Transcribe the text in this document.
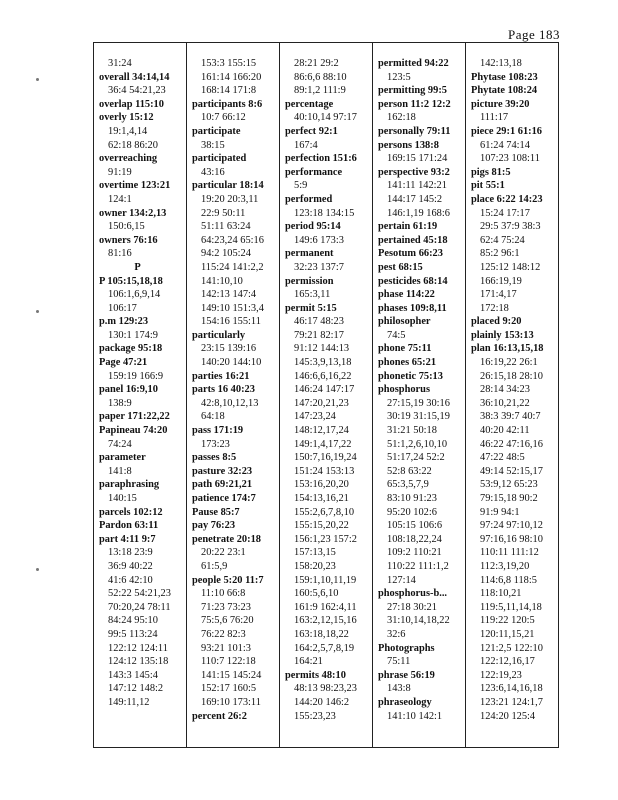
Page 183
31:24
overall 34:14,14
36:4 54:21,23
overlap 115:10
overly 15:12
19:1,4,14
62:18 86:20
overreaching
91:19
overtime 123:21
124:1
owner 134:2,13
150:6,15
owners 76:16
81:16
P
P 105:15,18,18
106:1,6,9,14
106:17
p.m 129:23
130:1 174:9
package 95:18
Page 47:21
159:19 166:9
panel 16:9,10
138:9
paper 171:22,22
Papineau 74:20
74:24
parameter
141:8
paraphrasing
140:15
parcels 102:12
Pardon 63:11
part 4:11 9:7
13:18 23:9
36:9 40:22
41:6 42:10
52:22 54:21,23
70:20,24 78:11
84:24 95:10
99:5 113:24
122:12 124:11
124:12 135:18
143:3 145:4
147:12 148:2
149:11,12
153:3 155:15
161:14 166:20
168:14 171:8
participants 8:6
10:7 66:12
participate
38:15
participated
43:16
particular 18:14
19:20 20:3,11
22:9 50:11
51:11 63:24
64:23,24 65:16
94:2 105:24
115:24 141:2,2
141:10,10
142:13 147:4
149:10 151:3,4
154:16 155:11
particularly
23:15 139:16
140:20 144:10
parties 16:21
parts 16 40:23
42:8,10,12,13
64:18
pass 171:19
173:23
passes 8:5
pasture 32:23
path 69:21,21
patience 174:7
Pause 85:7
pay 76:23
penetrate 20:18
20:22 23:1
61:5,9
people 5:20 11:7
11:10 66:8
71:23 73:23
75:5,6 76:20
76:22 82:3
93:21 101:3
110:7 122:18
141:15 145:24
152:17 160:5
169:10 173:11
percent 26:2
28:21 29:2
86:6,6 88:10
89:1,2 111:9
percentage
40:10,14 97:17
perfect 92:1
167:4
perfection 151:6
performance
5:9
performed
123:18 134:15
period 95:14
149:6 173:3
permanent
32:23 137:7
permission
165:3,11
permit 5:15
46:17 48:23
79:21 82:17
91:12 144:13
145:3,9,13,18
146:6,6,16,22
146:24 147:17
147:20,21,23
147:23,24
148:12,17,24
149:1,4,17,22
150:7,16,19,24
151:24 153:13
153:16,20,20
154:13,16,21
155:2,6,7,8,10
155:15,20,22
156:1,23 157:2
157:13,15
158:20,23
159:1,10,11,19
160:5,6,10
161:9 162:4,11
163:2,12,15,16
163:18,18,22
164:2,5,7,8,19
164:21
permits 48:10
48:13 98:23,23
144:20 146:2
155:23,23
permitted 94:22
123:5
permitting 99:5
person 11:2 12:2
162:18
personally 79:11
persons 138:8
169:15 171:24
perspective 93:2
141:11 142:21
144:17 145:2
146:1,19 168:6
pertain 61:19
pertained 45:18
Pesotum 66:23
pest 68:15
pesticides 68:14
phase 114:22
phases 109:8,11
philosopher
74:5
phone 75:11
phones 65:21
phonetic 75:13
phosphorus
27:15,19 30:16
30:19 31:15,19
31:21 50:18
51:1,2,6,10,10
51:17,24 52:2
52:8 63:22
65:3,5,7,9
83:10 91:23
95:20 102:6
105:15 106:6
108:18,22,24
109:2 110:21
110:22 111:1,2
127:14
phosphorus-b...
27:18 30:21
31:10,14,18,22
32:6
Photographs
75:11
phrase 56:19
143:8
phraseology
141:10 142:1
142:13,18
Phytase 108:23
Phytate 108:24
picture 39:20
111:17
piece 29:1 61:16
61:24 74:14
107:23 108:11
pigs 81:5
pit 55:1
place 6:22 14:23
15:24 17:17
29:5 37:9 38:3
62:4 75:24
85:2 96:1
125:12 148:12
166:19,19
171:4,17
172:18
placed 9:20
plainly 153:13
plan 16:13,15,18
16:19,22 26:1
26:15,18 28:10
28:14 34:23
36:10,21,22
38:3 39:7 40:7
40:20 42:11
46:22 47:16,16
47:22 48:5
49:14 52:15,17
53:9,12 65:23
79:15,18 90:2
91:9 94:1
97:24 97:10,12
97:16,16 98:10
110:11 111:12
112:3,19,20
114:6,8 118:5
118:10,21
119:5,11,14,18
119:22 120:5
120:11,15,21
121:2,5 122:10
122:12,16,17
122:19,23
123:6,14,16,18
123:21 124:1,7
124:20 125:4
